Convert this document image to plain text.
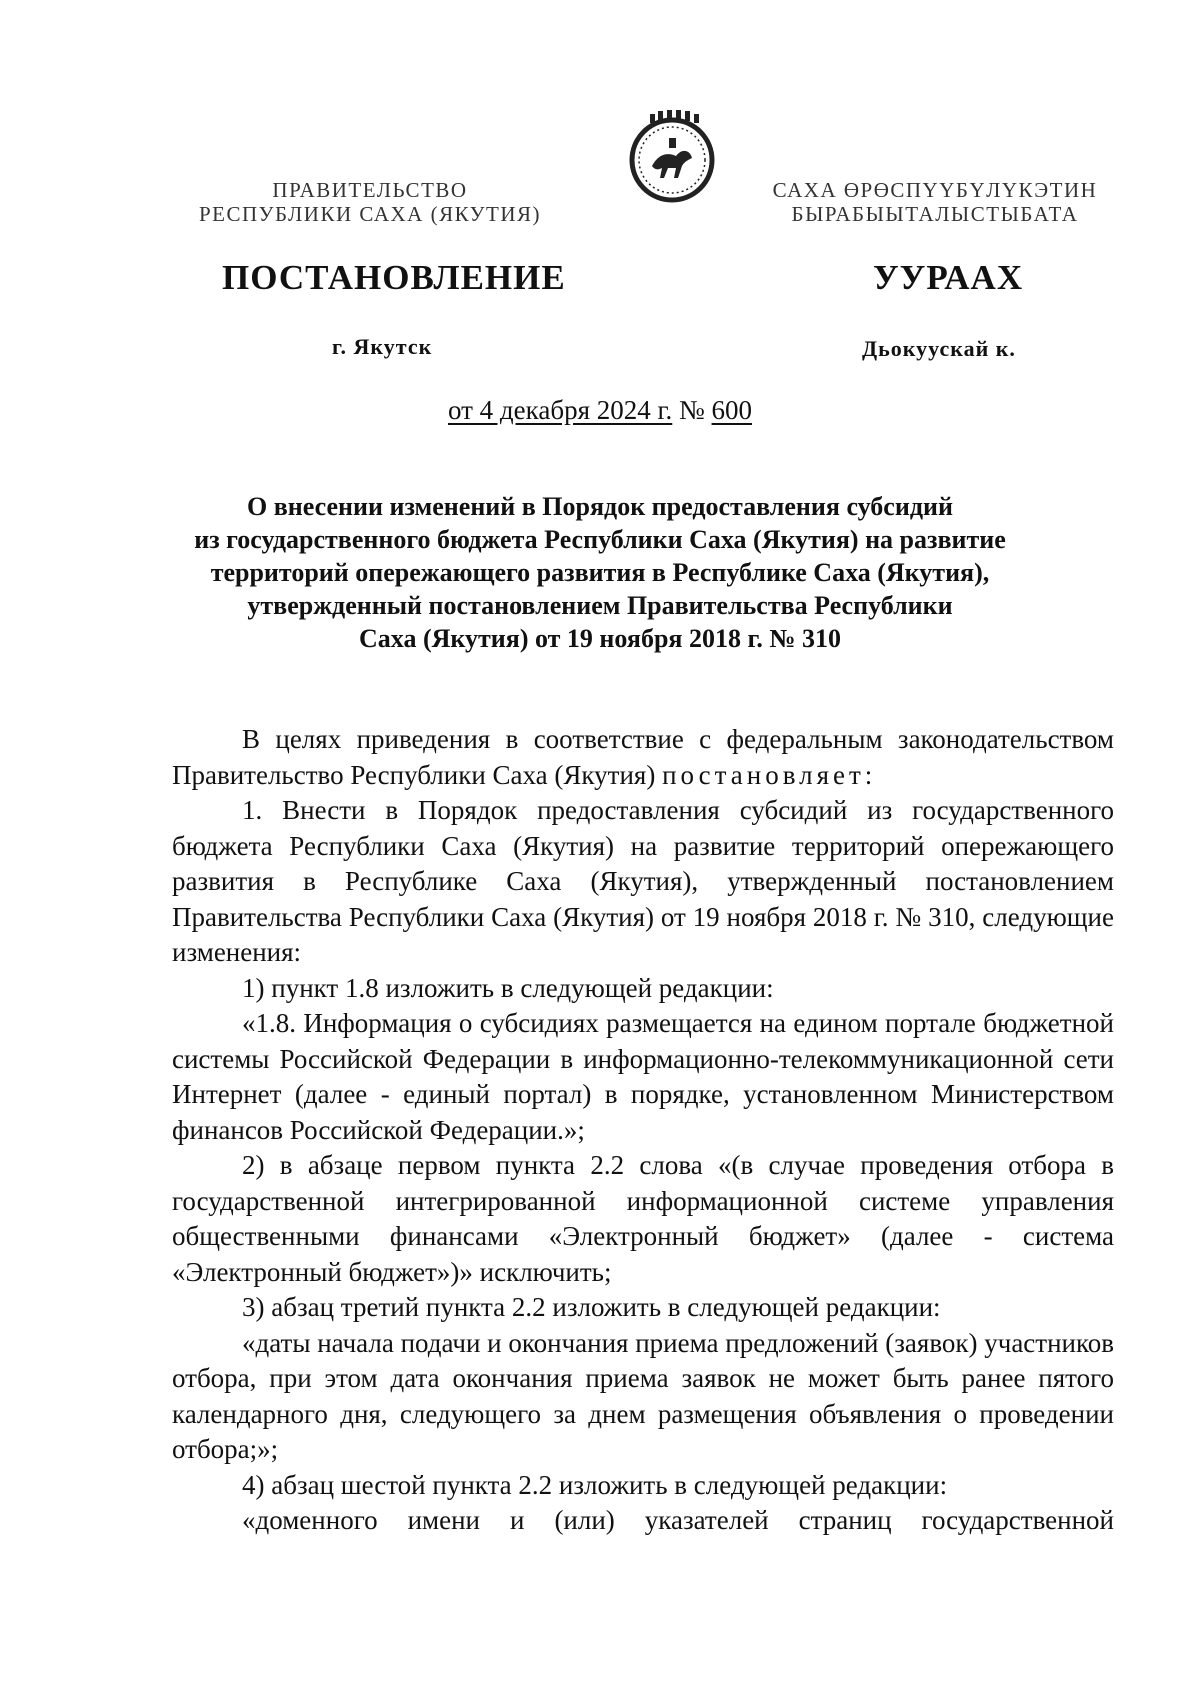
ПРАВИТЕЛЬСТВО
РЕСПУБЛИКИ САХА (ЯКУТИЯ)
САХА ӨРӨСПҮҮБҮЛҮКЭТИН
БЫРАБЫЫТАЛЫСТЫБАТА
ПОСТАНОВЛЕНИЕ	УУРААХ
г. Якутск	Дьокуускай к.
от 4 декабря 2024 г. № 600
О внесении изменений в Порядок предоставления субсидий
из государственного бюджета Республики Саха (Якутия) на развитие
территорий опережающего развития в Республике Саха (Якутия),
утвержденный постановлением Правительства Республики
Саха (Якутия) от 19 ноября 2018 г. № 310

В целях приведения в соответствие с федеральным законодательством Правительство Республики Саха (Якутия) постановляет:

1. Внести в Порядок предоставления субсидий из государственного бюджета Республики Саха (Якутия) на развитие территорий опережающего развития в Республике Саха (Якутия), утвержденный постановлением Правительства Республики Саха (Якутия) от 19 ноября 2018 г. № 310, следующие изменения:

1) пункт 1.8 изложить в следующей редакции:

«1.8. Информация о субсидиях размещается на едином портале бюджетной системы Российской Федерации в информационно-телекоммуникационной сети Интернет (далее - единый портал) в порядке, установленном Министерством финансов Российской Федерации.»;

2) в абзаце первом пункта 2.2 слова «(в случае проведения отбора в государственной интегрированной информационной системе управления общественными финансами «Электронный бюджет» (далее - система «Электронный бюджет»)» исключить;

3) абзац третий пункта 2.2 изложить в следующей редакции:

«даты начала подачи и окончания приема предложений (заявок) участников отбора, при этом дата окончания приема заявок не может быть ранее пятого календарного дня, следующего за днем размещения объявления о проведении отбора;»;

4) абзац шестой пункта 2.2 изложить в следующей редакции:

«доменного имени и (или) указателей страниц государственной
